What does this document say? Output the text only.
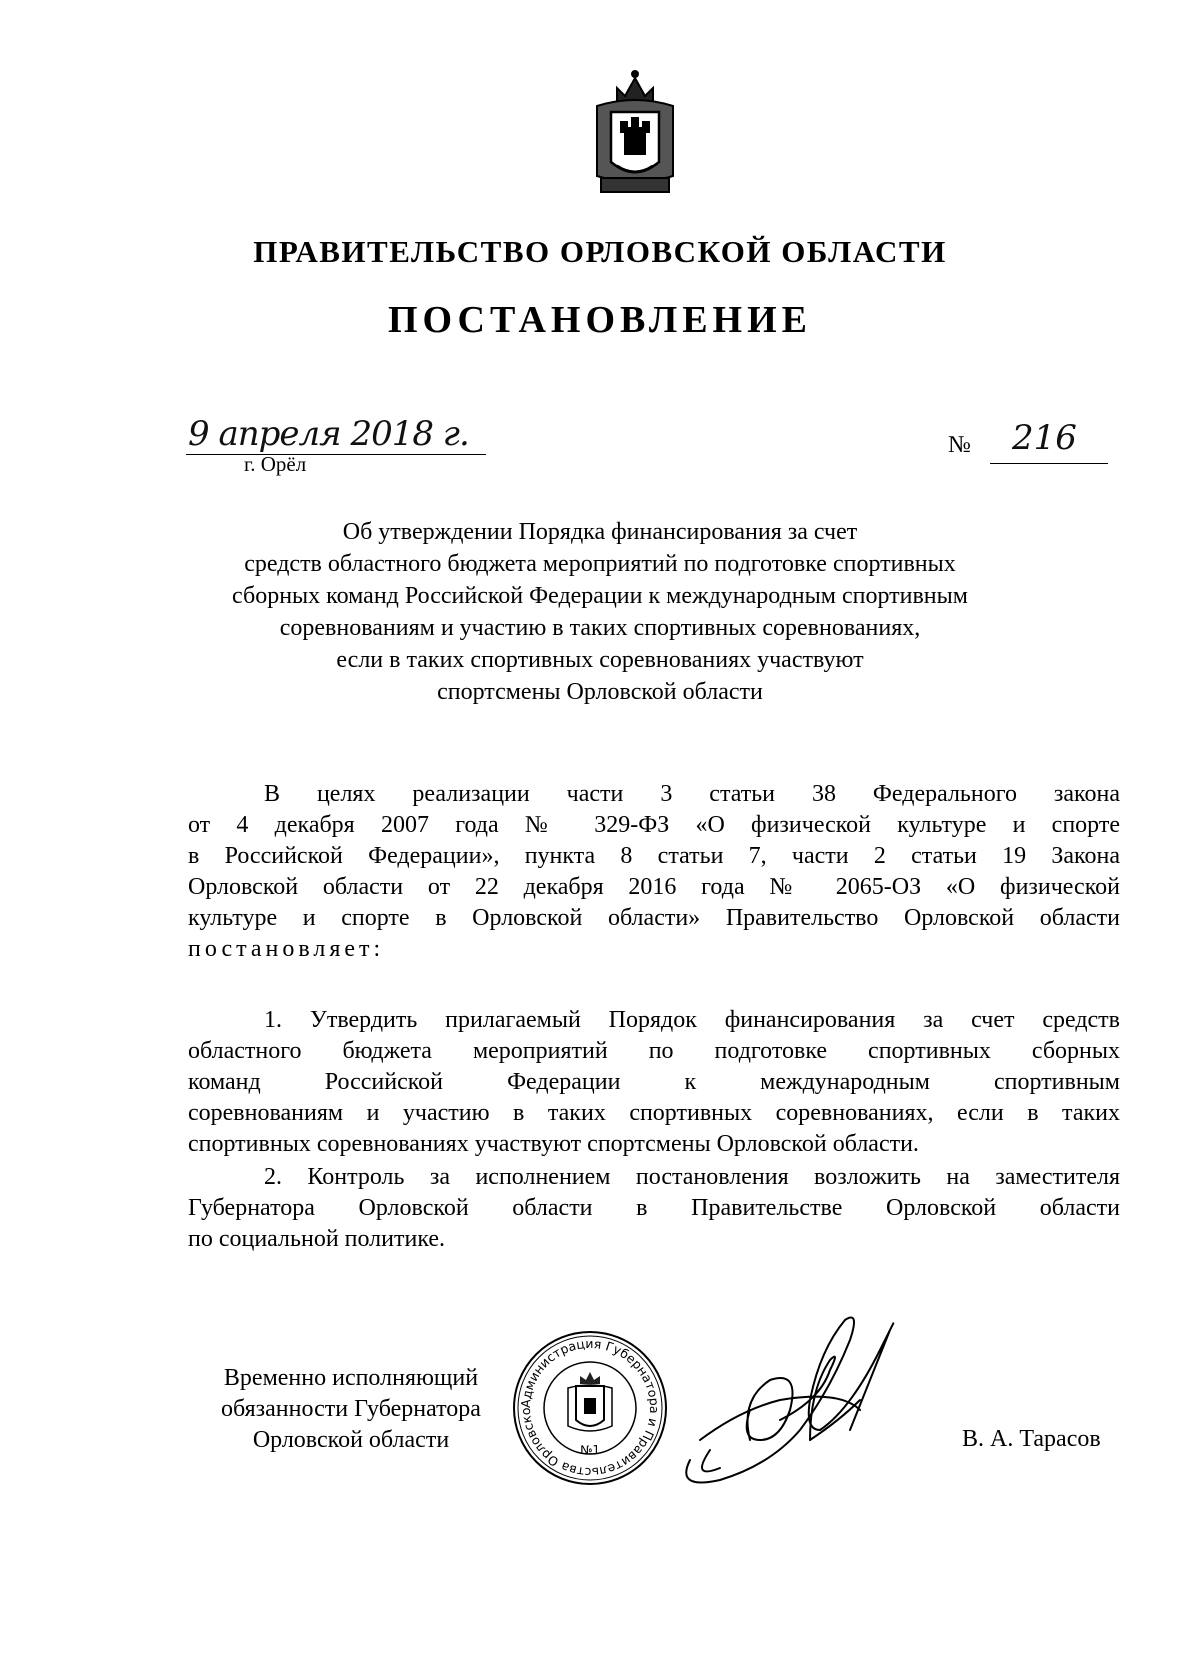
ПРАВИТЕЛЬСТВО ОРЛОВСКОЙ ОБЛАСТИ
ПОСТАНОВЛЕНИЕ
9 апреля 2018 г.
г. Орёл
№ 216
Об утверждении Порядка финансирования за счет
средств областного бюджета мероприятий по подготовке спортивных
сборных команд Российской Федерации к международным спортивным
соревнованиям и участию в таких спортивных соревнованиях,
если в таких спортивных соревнованиях участвуют
спортсмены Орловской области
В целях реализации части 3 статьи 38 Федерального закона
от 4 декабря 2007 года № 329-ФЗ «О физической культуре и спорте
в Российской Федерации», пункта 8 статьи 7, части 2 статьи 19 Закона
Орловской области от 22 декабря 2016 года № 2065-ОЗ «О физической
культуре и спорте в Орловской области» Правительство Орловской области
постановляет:
1. Утвердить прилагаемый Порядок финансирования за счет средств
областного бюджета мероприятий по подготовке спортивных сборных
команд Российской Федерации к международным спортивным
соревнованиям и участию в таких спортивных соревнованиях, если в таких
спортивных соревнованиях участвуют спортсмены Орловской области.
2. Контроль за исполнением постановления возложить на заместителя
Губернатора Орловской области в Правительстве Орловской области
по социальной политике.
Временно исполняющий
обязанности Губернатора
Орловской области
Администрация Губернатора и Правительства Орловско
№1	В. А. Тарасов
